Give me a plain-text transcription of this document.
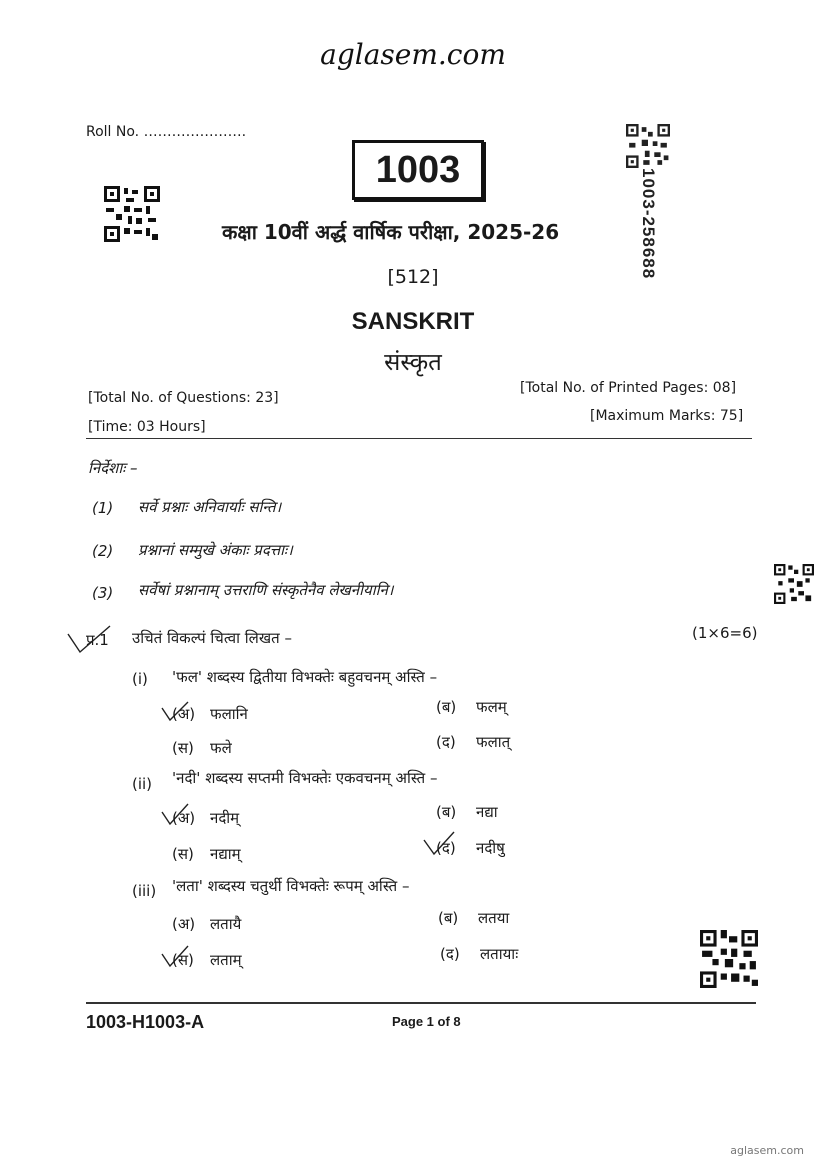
aglasem.com
Roll No. ………………….
1003	1003-258688
कक्षा 10वीं अर्द्ध वार्षिक परीक्षा, 2025-26
[512]
SANSKRIT
संस्कृत
[Total No. of Questions: 23]
[Total No. of Printed Pages: 08]
[Time: 03 Hours]
[Maximum Marks: 75]
निर्देशाः –
(1) सर्वे प्रश्नाः अनिवार्याः सन्ति।
(2) प्रश्नानां सम्मुखे अंकाः प्रदत्ताः।
(3) सर्वेषां प्रश्नानाम् उत्तराणि संस्कृतेनैव लेखनीयानि।
प्र.1 उचितं विकल्पं चित्वा लिखत –	(1×6=6)
(i) 'फल' शब्दस्य द्वितीया विभक्तेः बहुवचनम् अस्ति –
(अ) फलानि	(ब) फलम्
(स) फले	(द) फलात्
(ii) 'नदी' शब्दस्य सप्तमी विभक्तेः एकवचनम् अस्ति –
(अ) नदीम्	(ब) नद्या
(स) नद्याम्	(द) नदीषु
(iii) 'लता' शब्दस्य चतुर्थी विभक्तेः रूपम् अस्ति –
(अ) लतायै	(ब) लतया
(स) लताम्	(द) लतायाः
1003-H1003-A	Page 1 of 8
aglasem.com
